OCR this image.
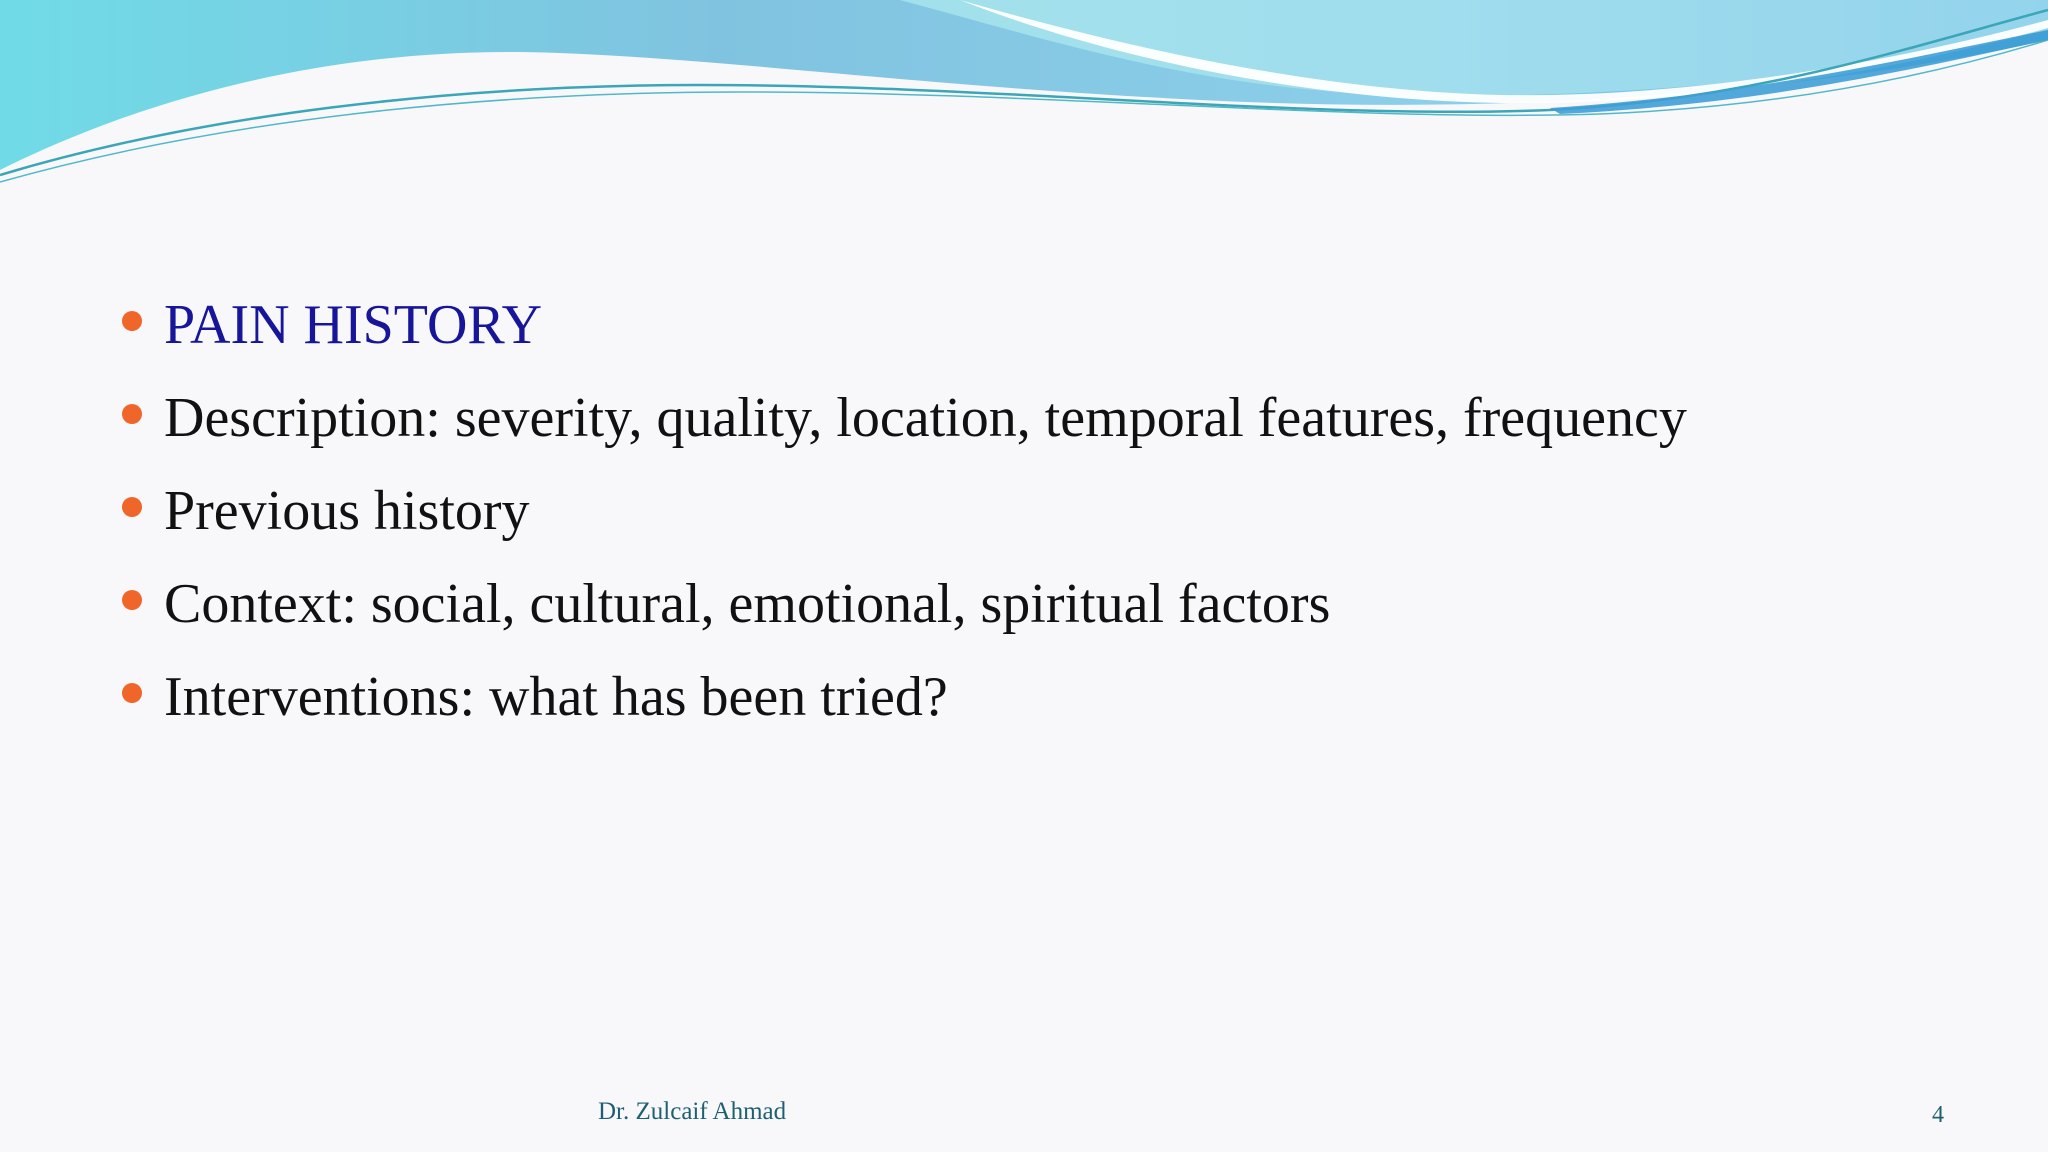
PAIN HISTORY
Description: severity, quality, location, temporal features, frequency
Previous history
Context: social, cultural, emotional, spiritual factors
Interventions: what has been tried?
Dr. Zulcaif Ahmad	4
